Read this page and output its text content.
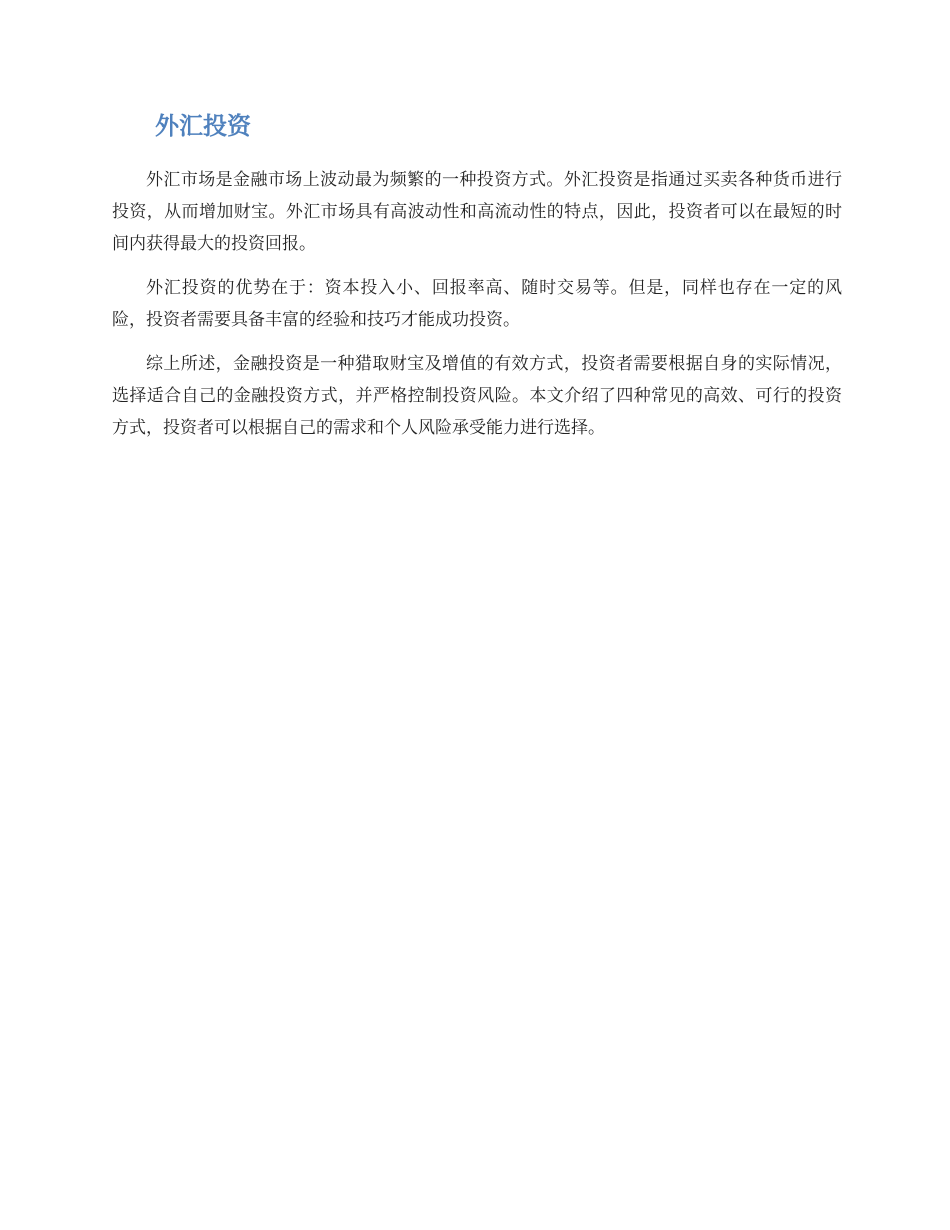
外汇投资

外汇市场是金融市场上波动最为频繁的一种投资方式。外汇投资是指通过买卖各种货币进行投资，从而增加财宝。外汇市场具有高波动性和高流动性的特点，因此，投资者可以在最短的时间内获得最大的投资回报。

外汇投资的优势在于：资本投入小、回报率高、随时交易等。但是，同样也存在一定的风险，投资者需要具备丰富的经验和技巧才能成功投资。

综上所述，金融投资是一种猎取财宝及增值的有效方式，投资者需要根据自身的实际情况，选择适合自己的金融投资方式，并严格控制投资风险。本文介绍了四种常见的高效、可行的投资方式，投资者可以根据自己的需求和个人风险承受能力进行选择。
